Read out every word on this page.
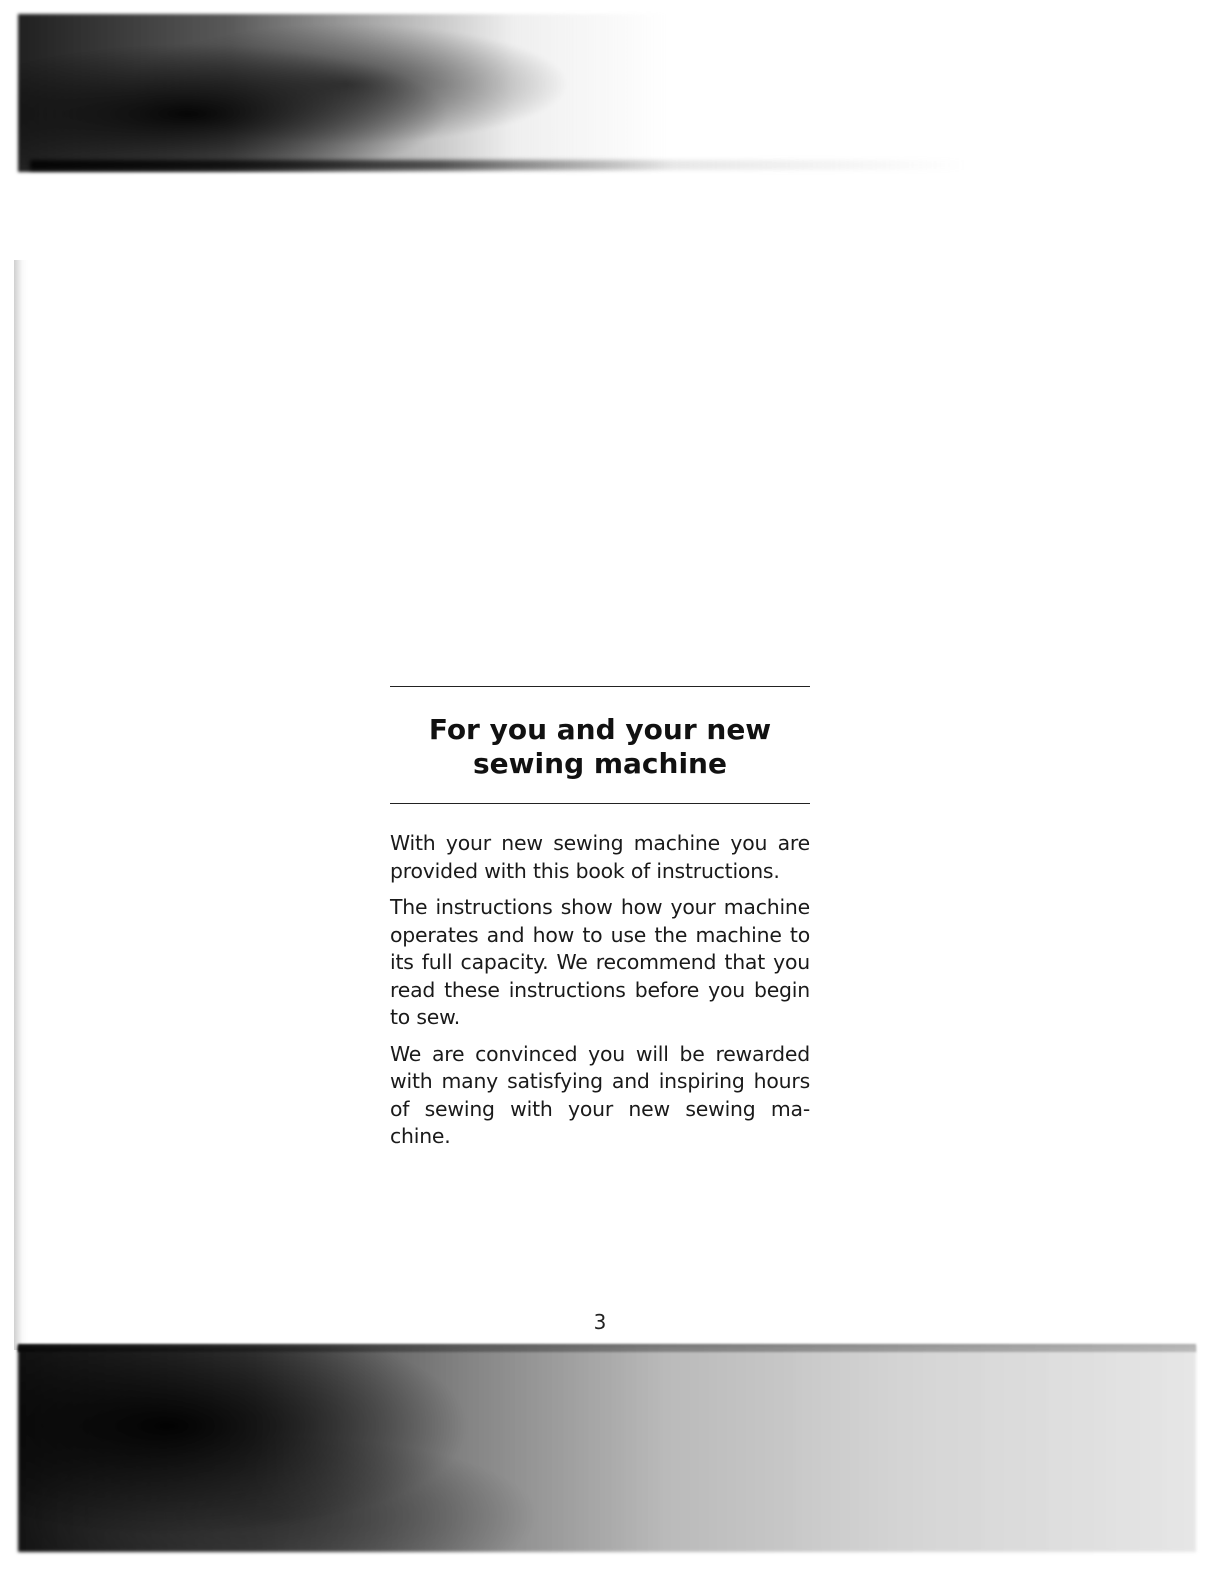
For you and your new
sewing machine

With your new sewing machine you are provided with this book of instructions.

The instructions show how your machine operates and how to use the machine to its full capacity. We recommend that you read these instructions before you begin to sew.

We are convinced you will be rewarded with many satisfying and inspiring hours of sewing with your new sewing ma-chine.

3
